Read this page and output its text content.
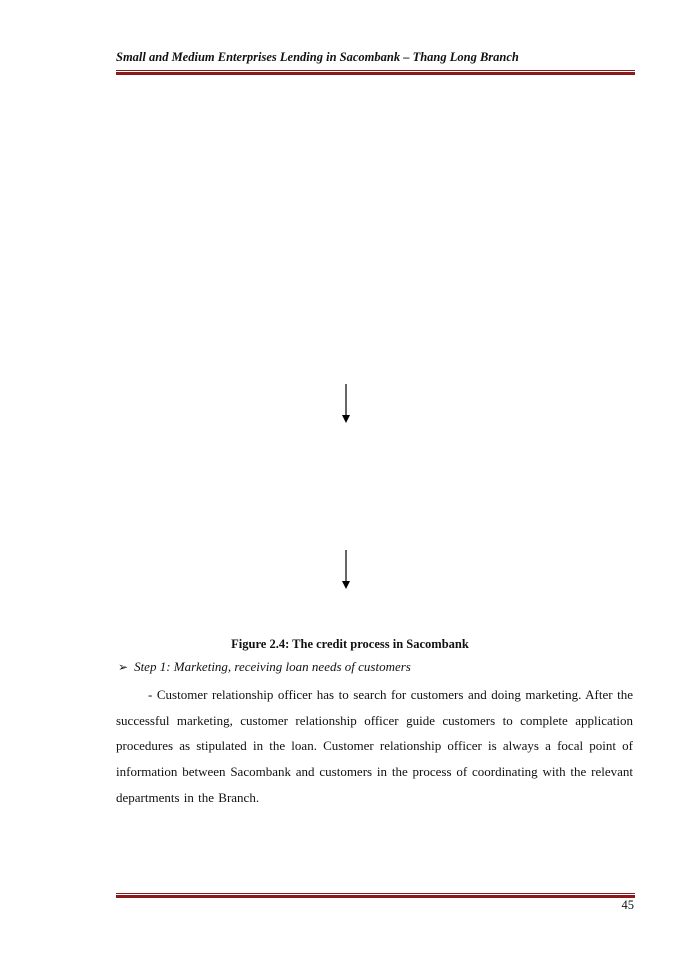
Small and Medium Enterprises Lending in Sacombank – Thang Long Branch
Figure 2.4: The credit process in Sacombank
➢ Step 1: Marketing, receiving loan needs of customers

- Customer relationship officer has to search for customers and doing marketing. After the successful marketing, customer relationship officer guide customers to complete application procedures as stipulated in the loan. Customer relationship officer is always a focal point of information between Sacombank and customers in the process of coordinating with the relevant departments in the Branch.

45
